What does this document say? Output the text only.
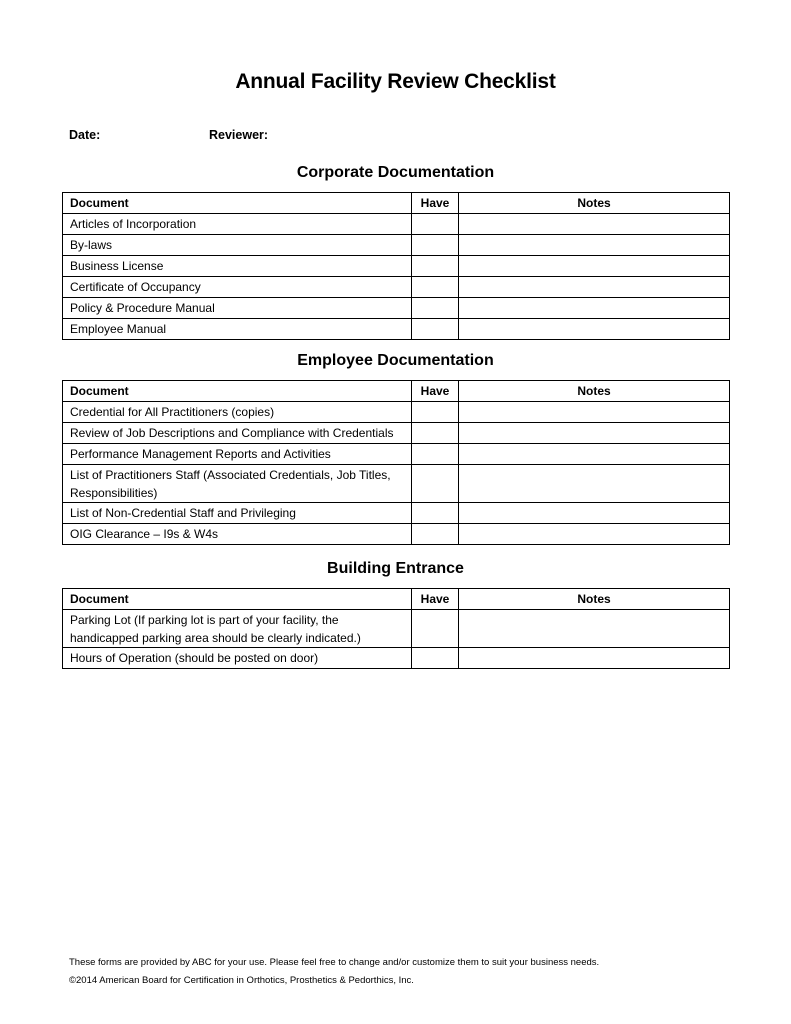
Annual Facility Review Checklist
Date:	Reviewer:
Corporate Documentation
Document	Have	Notes
Articles of Incorporation		
By-laws		
Business License		
Certificate of Occupancy		
Policy & Procedure Manual		
Employee Manual		
Employee Documentation
Document	Have	Notes
Credential for All Practitioners (copies)		
Review of Job Descriptions and Compliance with Credentials		
Performance Management Reports and Activities		
List of Practitioners Staff (Associated Credentials, Job Titles, Responsibilities)		
List of Non-Credential Staff and Privileging		
OIG Clearance – I9s & W4s		
Building Entrance
Document	Have	Notes
Parking Lot (If parking lot is part of your facility, the handicapped parking area should be clearly indicated.)		
Hours of Operation (should be posted on door)		
These forms are provided by ABC for your use. Please feel free to change and/or customize them to suit your business needs.
©2014 American Board for Certification in Orthotics, Prosthetics & Pedorthics, Inc.
